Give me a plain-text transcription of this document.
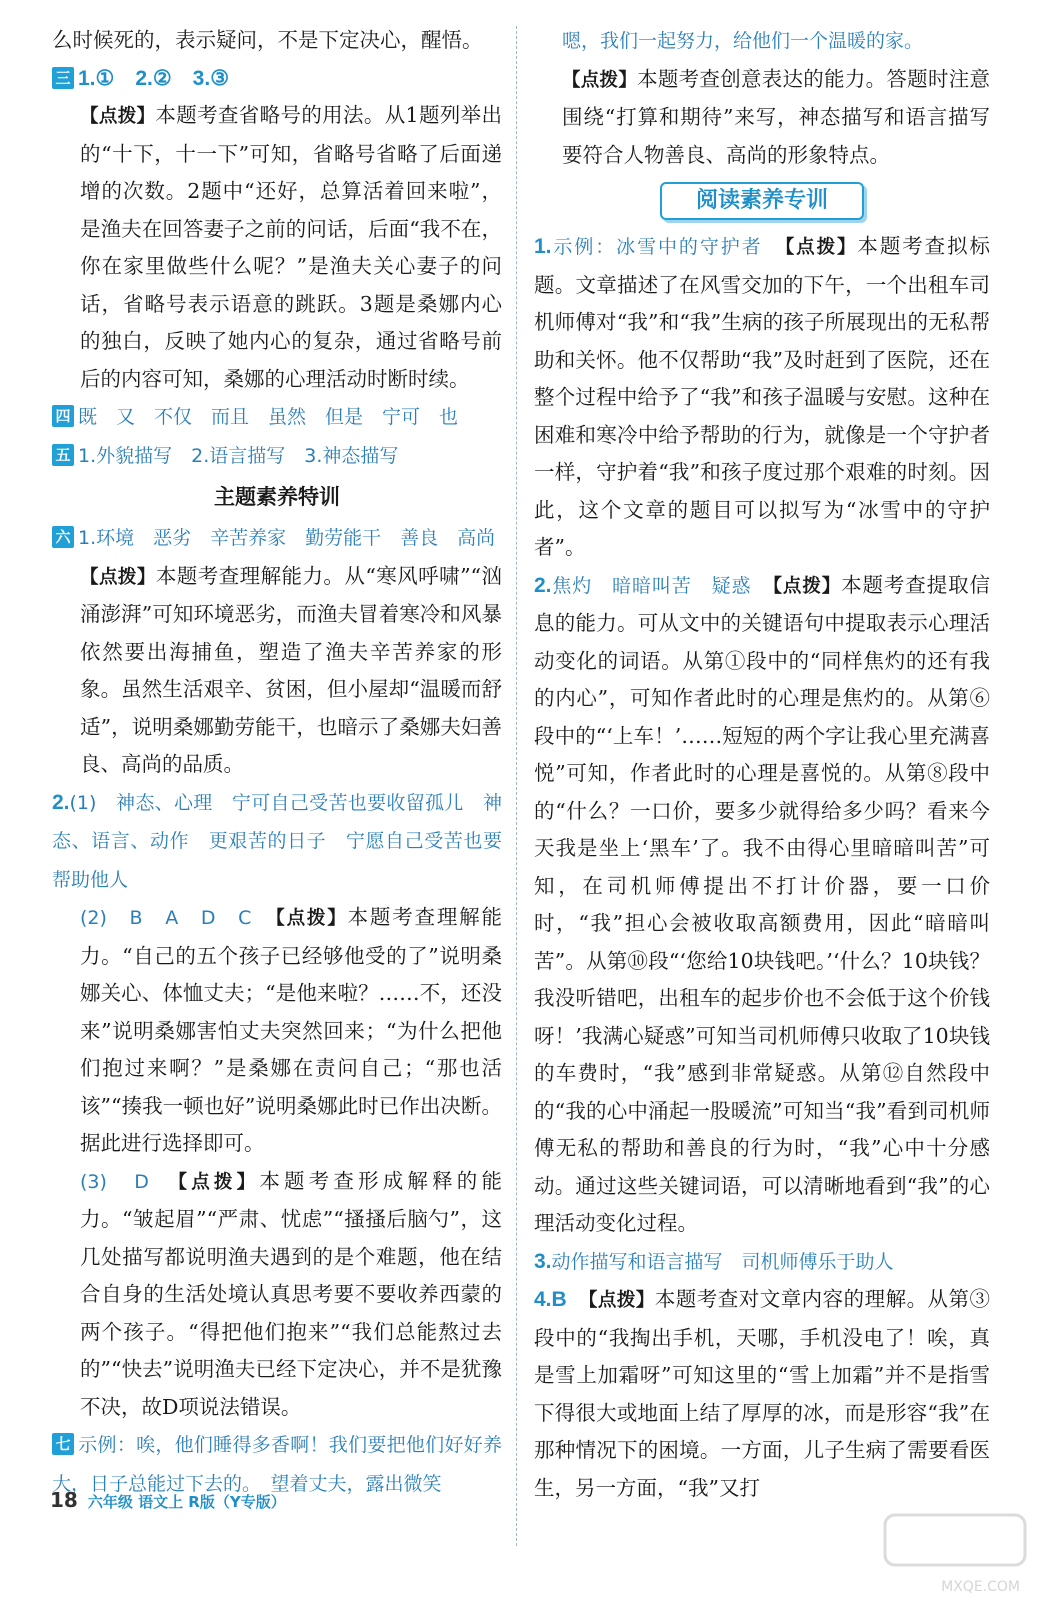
么时候死的，表示疑问，不是下定决心，醒悟。

三 1.①　2.②　3.③

【点拨】本题考查省略号的用法。从1题列举出的“十下，十一下”可知，省略号省略了后面递增的次数。2题中“还好，总算活着回来啦”，是渔夫在回答妻子之前的问话，后面“我不在，你在家里做些什么呢？”是渔夫关心妻子的问话，省略号表示语意的跳跃。3题是桑娜内心的独白，反映了她内心的复杂，通过省略号前后的内容可知，桑娜的心理活动时断时续。

四 既　又　不仅　而且　虽然　但是　宁可　也

五 1.外貌描写　2.语言描写　3.神态描写

主题素养特训

六 1.环境　恶劣　辛苦养家　勤劳能干　善良　高尚

【点拨】本题考查理解能力。从“寒风呼啸”“汹涌澎湃”可知环境恶劣，而渔夫冒着寒冷和风暴依然要出海捕鱼，塑造了渔夫辛苦养家的形象。虽然生活艰辛、贫困，但小屋却“温暖而舒适”，说明桑娜勤劳能干，也暗示了桑娜夫妇善良、高尚的品质。

2.(1)　神态、心理　宁可自己受苦也要收留孤儿　神态、语言、动作　更艰苦的日子　宁愿自己受苦也要帮助他人

(2)　B　A　D　C　 【点拨】本题考查理解能力。“自己的五个孩子已经够他受的了”说明桑娜关心、体恤丈夫；“是他来啦？……不，还没来”说明桑娜害怕丈夫突然回来；“为什么把他们抱过来啊？”是桑娜在责问自己；“那也活该”“揍我一顿也好”说明桑娜此时已作出决断。据此进行选择即可。

(3)　D　 【点拨】本题考查形成解释的能力。“皱起眉”“严肃、忧虑”“搔搔后脑勺”，这几处描写都说明渔夫遇到的是个难题，他在结合自身的生活处境认真思考要不要收养西蒙的两个孩子。“得把他们抱来”“我们总能熬过去的”“快去”说明渔夫已经下定决心，并不是犹豫不决，故D项说法错误。

七 示例：唉，他们睡得多香啊！我们要把他们好好养大，日子总能过下去的。　望着丈夫，露出微笑

嗯，我们一起努力，给他们一个温暖的家。

【点拨】本题考查创意表达的能力。答题时注意围绕“打算和期待”来写，神态描写和语言描写要符合人物善良、高尚的形象特点。

阅读素养专训

1.示例：冰雪中的守护者　 【点拨】本题考查拟标题。文章描述了在风雪交加的下午，一个出租车司机师傅对“我”和“我”生病的孩子所展现出的无私帮助和关怀。他不仅帮助“我”及时赶到了医院，还在整个过程中给予了“我”和孩子温暖与安慰。这种在困难和寒冷中给予帮助的行为，就像是一个守护者一样，守护着“我”和孩子度过那个艰难的时刻。因此，这个文章的题目可以拟写为“冰雪中的守护者”。

2.焦灼　暗暗叫苦　疑惑　 【点拨】本题考查提取信息的能力。可从文中的关键语句中提取表示心理活动变化的词语。从第①段中的“同样焦灼的还有我的内心”，可知作者此时的心理是焦灼的。从第⑥段中的“‘上车！’……短短的两个字让我心里充满喜悦”可知，作者此时的心理是喜悦的。从第⑧段中的“什么？一口价，要多少就得给多少吗？看来今天我是坐上‘黑车’了。我不由得心里暗暗叫苦”可知，在司机师傅提出不打计价器，要一口价时，“我”担心会被收取高额费用，因此“暗暗叫苦”。从第⑩段“‘您给10块钱吧。’‘什么？10块钱？我没听错吧，出租车的起步价也不会低于这个价钱呀！’我满心疑惑”可知当司机师傅只收取了10块钱的车费时，“我”感到非常疑惑。从第⑫自然段中的“我的心中涌起一股暖流”可知当“我”看到司机师傅无私的帮助和善良的行为时，“我”心中十分感动。通过这些关键词语，可以清晰地看到“我”的心理活动变化过程。

3.动作描写和语言描写　司机师傅乐于助人

4.B　 【点拨】本题考查对文章内容的理解。从第③段中的“我掏出手机，天哪，手机没电了！唉，真是雪上加霜呀”可知这里的“雪上加霜”并不是指雪下得很大或地面上结了厚厚的冰，而是形容“我”在那种情况下的困境。一方面，儿子生病了需要看医生，另一方面，“我”又打

18 六年级 语文上 R版（Y专版）
MXQE.COM
